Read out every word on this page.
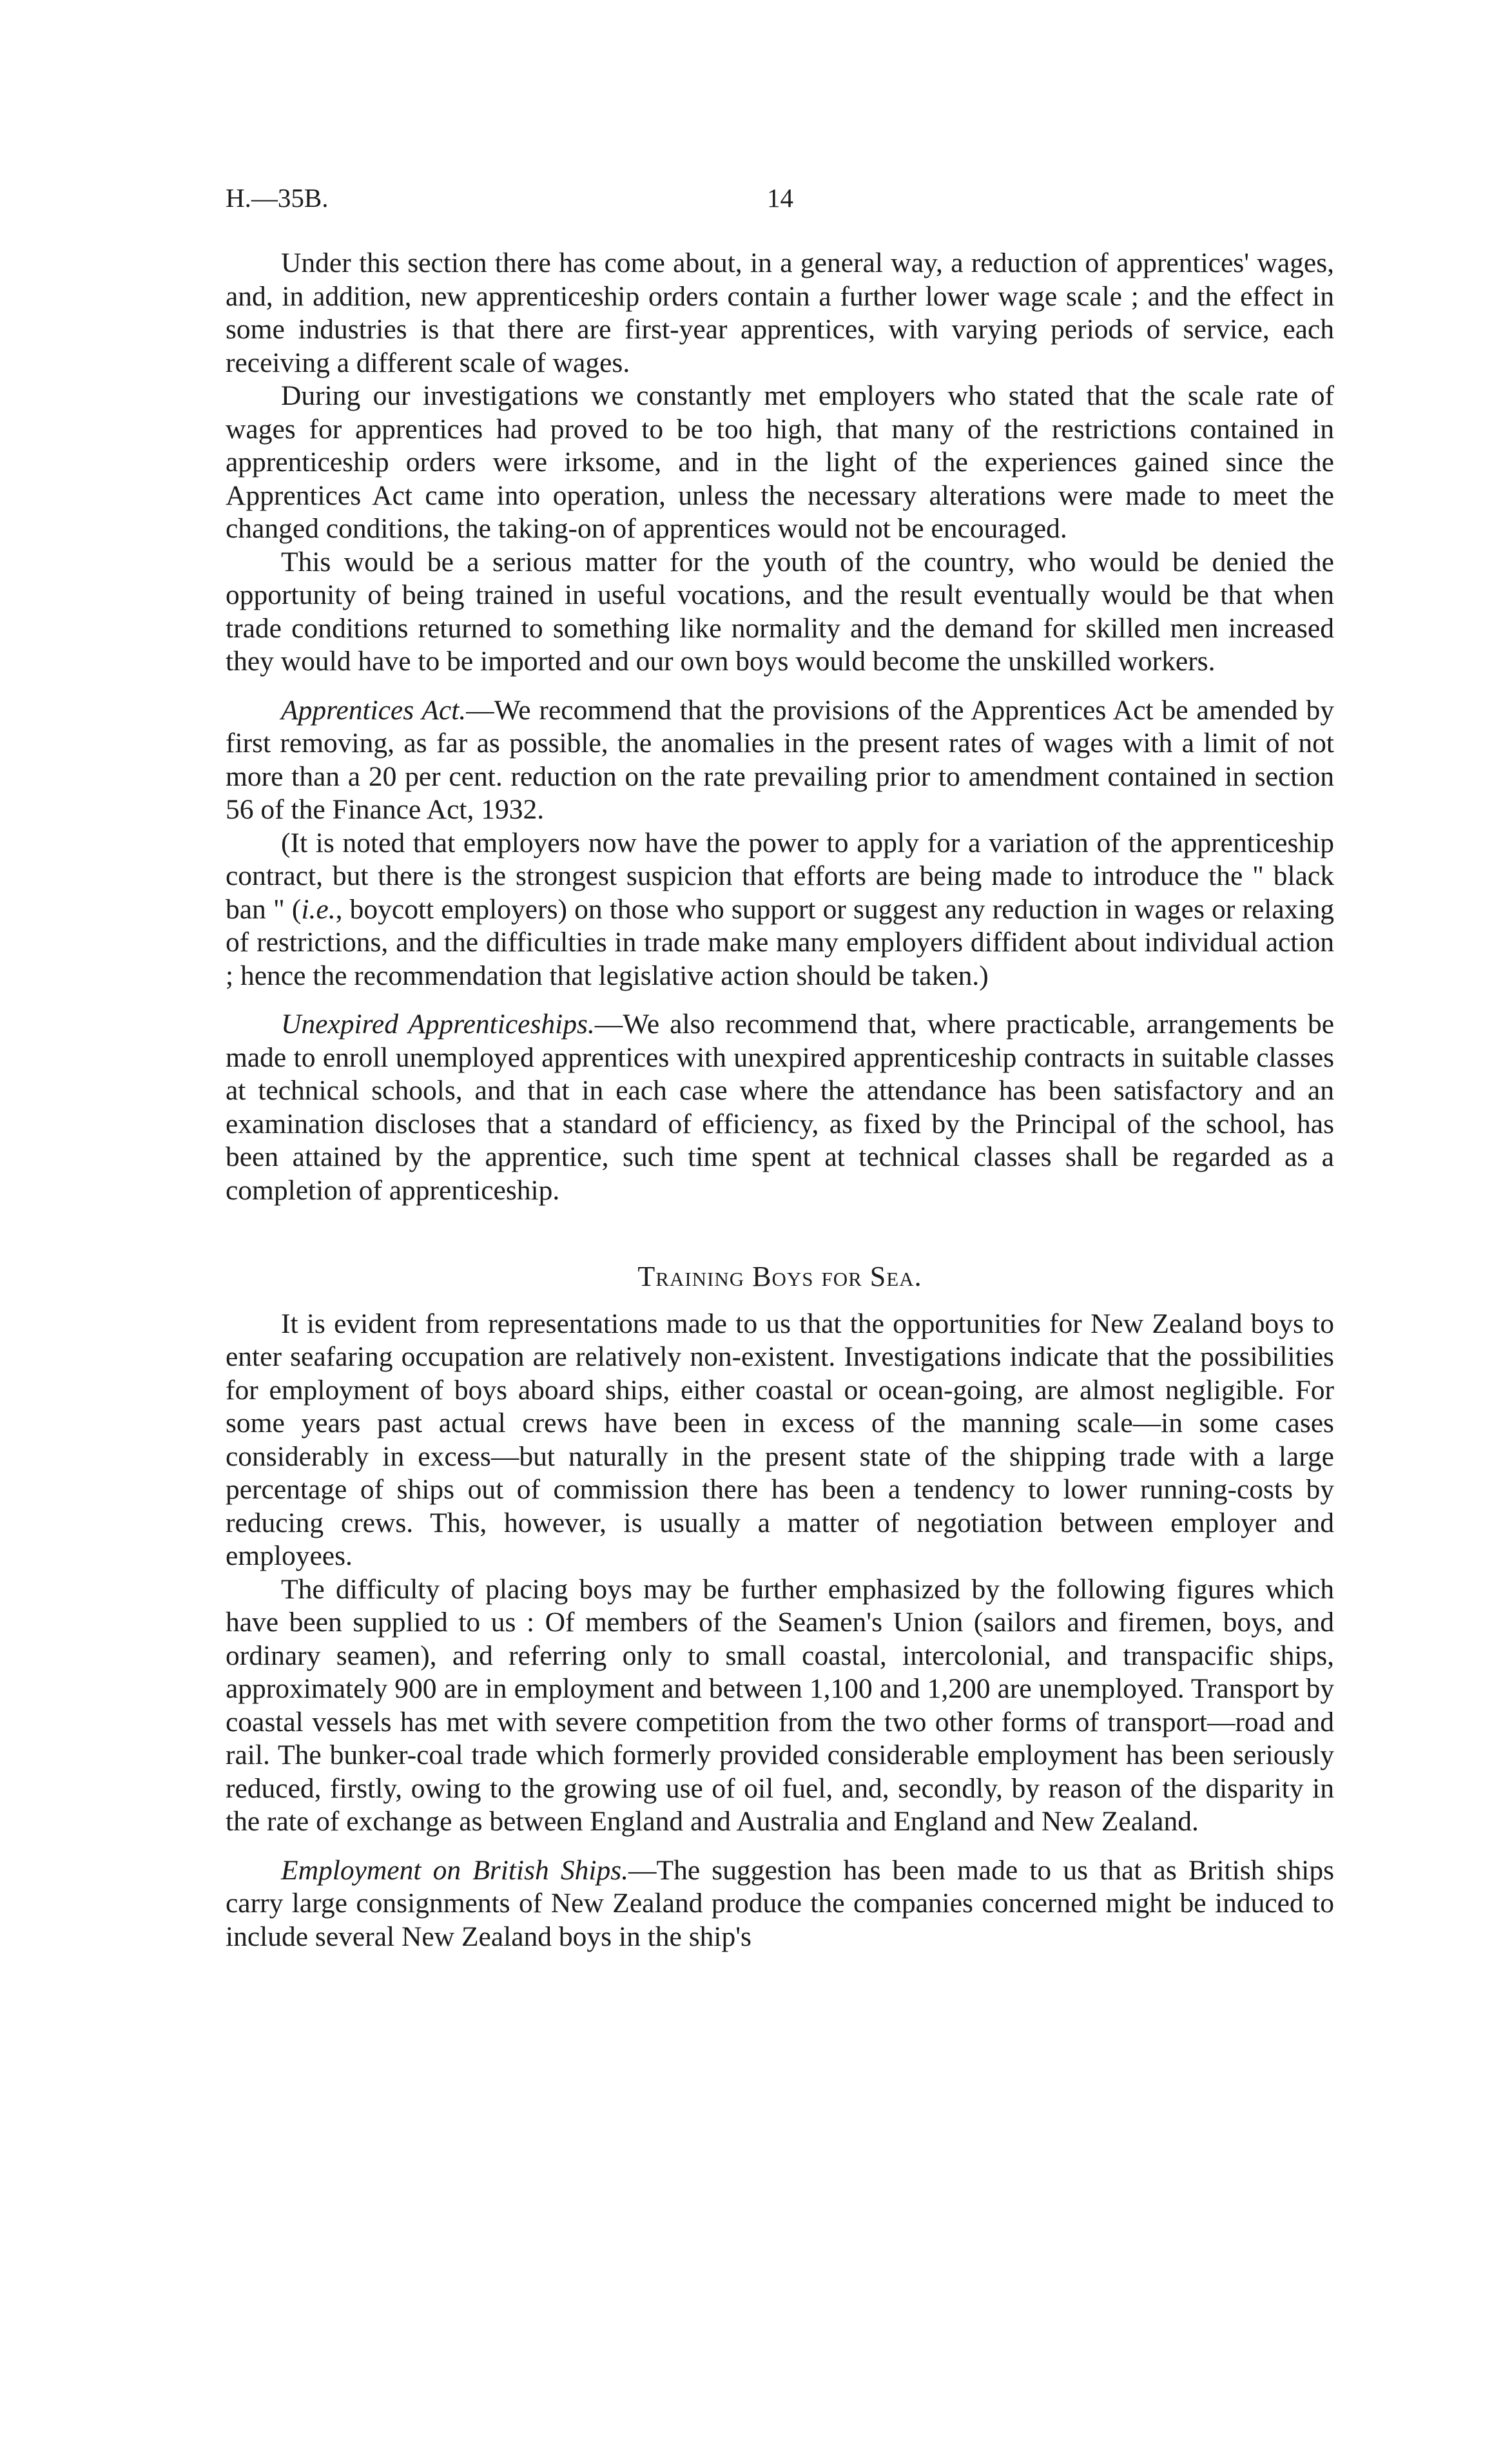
H.—35B.	14

Under this section there has come about, in a general way, a reduction of apprentices' wages, and, in addition, new apprenticeship orders contain a further lower wage scale ; and the effect in some industries is that there are first-year apprentices, with varying periods of service, each receiving a different scale of wages.

During our investigations we constantly met employers who stated that the scale rate of wages for apprentices had proved to be too high, that many of the restrictions contained in apprenticeship orders were irksome, and in the light of the experiences gained since the Apprentices Act came into operation, unless the necessary alterations were made to meet the changed conditions, the taking-on of apprentices would not be encouraged.

This would be a serious matter for the youth of the country, who would be denied the opportunity of being trained in useful vocations, and the result eventually would be that when trade conditions returned to something like normality and the demand for skilled men increased they would have to be imported and our own boys would become the unskilled workers.

Apprentices Act.—We recommend that the provisions of the Apprentices Act be amended by first removing, as far as possible, the anomalies in the present rates of wages with a limit of not more than a 20 per cent. reduction on the rate prevailing prior to amendment contained in section 56 of the Finance Act, 1932.

(It is noted that employers now have the power to apply for a variation of the apprenticeship contract, but there is the strongest suspicion that efforts are being made to introduce the " black ban " (i.e., boycott employers) on those who support or suggest any reduction in wages or relaxing of restrictions, and the difficulties in trade make many employers diffident about individual action ; hence the recommendation that legislative action should be taken.)

Unexpired Apprenticeships.—We also recommend that, where practicable, arrangements be made to enroll unemployed apprentices with unexpired apprenticeship contracts in suitable classes at technical schools, and that in each case where the attendance has been satisfactory and an examination discloses that a standard of efficiency, as fixed by the Principal of the school, has been attained by the apprentice, such time spent at technical classes shall be regarded as a completion of apprenticeship.

Training Boys for Sea.

It is evident from representations made to us that the opportunities for New Zealand boys to enter seafaring occupation are relatively non-existent. Investigations indicate that the possibilities for employment of boys aboard ships, either coastal or ocean-going, are almost negligible. For some years past actual crews have been in excess of the manning scale—in some cases considerably in excess—but naturally in the present state of the shipping trade with a large percentage of ships out of commission there has been a tendency to lower running-costs by reducing crews. This, however, is usually a matter of negotiation between employer and employees.

The difficulty of placing boys may be further emphasized by the following figures which have been supplied to us : Of members of the Seamen's Union (sailors and firemen, boys, and ordinary seamen), and referring only to small coastal, intercolonial, and transpacific ships, approximately 900 are in employment and between 1,100 and 1,200 are unemployed. Transport by coastal vessels has met with severe competition from the two other forms of transport—road and rail. The bunker-coal trade which formerly provided considerable employment has been seriously reduced, firstly, owing to the growing use of oil fuel, and, secondly, by reason of the disparity in the rate of exchange as between England and Australia and England and New Zealand.

Employment on British Ships.—The suggestion has been made to us that as British ships carry large consignments of New Zealand produce the companies concerned might be induced to include several New Zealand boys in the ship's
